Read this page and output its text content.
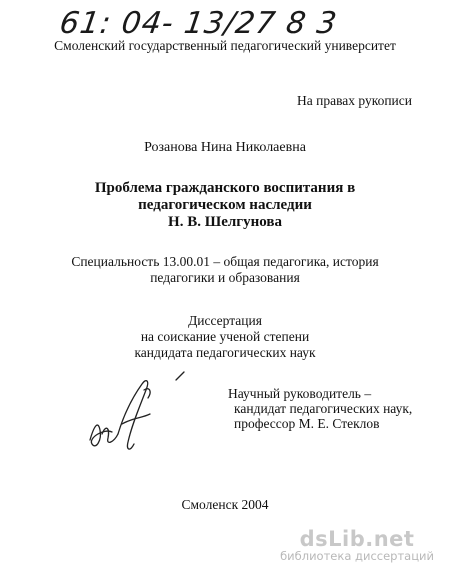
61: 04- 13/27 8 3
Смоленский государственный педагогический университет
На правах рукописи
Розанова Нина Николаевна
Проблема гражданского воспитания в
педагогическом наследии
Н. В. Шелгунова
Специальность 13.00.01 – общая педагогика, история
педагогики и образования
Диссертация
на соискание ученой степени
кандидата педагогических наук
Научный руководитель –
кандидат педагогических наук,
профессор М. Е. Стеклов
Смоленск 2004
dsLib.net
библиотека диссертаций
